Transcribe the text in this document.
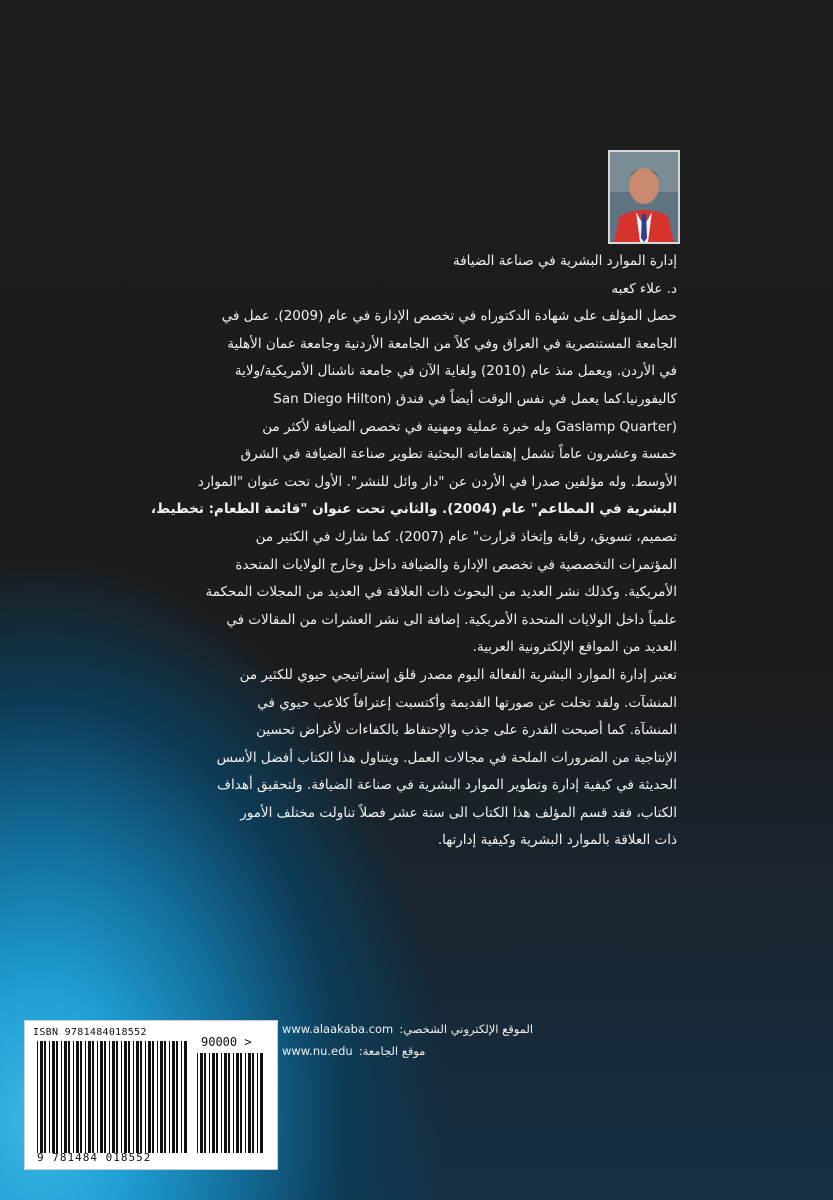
إدارة الموارد البشرية في صناعة الضيافة
د. علاء كعبه
حصل المؤلف على شهادة الدكتوراه في تخصص الإدارة في عام (2009). عمل في
الجامعة المستنصرية في العراق وفي كلاً من الجامعة الأردنية وجامعة عمان الأهلية
في الأردن. ويعمل منذ عام (2010) ولغاية الآن في جامعة ناشنال الأمريكية/ولاية
كاليفورنيا.كما يعمل في نفس الوقت أيضاً في فندق (San Diego Hilton
(Gaslamp Quarter وله خبرة عملية ومهنية في تخصص الضيافة لأكثر من
خمسة وعشرون عاماً تشمل إهتماماته البحثية تطوير صناعة الضيافة في الشرق
الأوسط. وله مؤلفين صدرا في الأردن عن "دار وائل للنشر". الأول تحت عنوان "الموارد
البشرية في المطاعم" عام (2004). والثاني تحت عنوان "قائمة الطعام: تخطيط،
تصميم، تسويق، رقابة وإتخاذ قرارت" عام (2007). كما شارك في الكثير من
المؤتمرات التخصصية في تخصص الإدارة والضيافة داخل وخارج الولايات المتحدة
الأمريكية. وكذلك نشر العديد من البحوث ذات العلاقة في العديد من المجلات المحكمة
علمياً داخل الولايات المتحدة الأمريكية. إضافة الى نشر العشرات من المقالات في
العديد من المواقع الإلكترونية العربية.
تعتبر إدارة الموارد البشرية الفعالة اليوم مصدر قلق إستراتيجي حيوي للكثير من
المنشآت. ولقد تخلت عن صورتها القديمة وأكتسبت إعترافاً كلاعب حيوي في
المنشآة. كما أصبحت القدرة على جذب والإحتفاظ بالكفاءات لأغراض تحسين
الإنتاجية من الضرورات الملحة في مجالات العمل. ويتناول هذا الكتاب أفضل الأسس
الحديثة في كيفية إدارة وتطوير الموارد البشرية في صناعة الضيافة. ولتحقيق أهداف
الكتاب، فقد قسم المؤلف هذا الكتاب الى ستة عشر فصلاً تناولت مختلف الأمور
ذات العلاقة بالموارد البشرية وكيفية إدارتها.
الموقع الإلكتروني الشخصي:
www.alaakaba.com
موقع الجامعة:
www.nu.edu
ISBN 9781484018552
90000 >
9 781484 018552
